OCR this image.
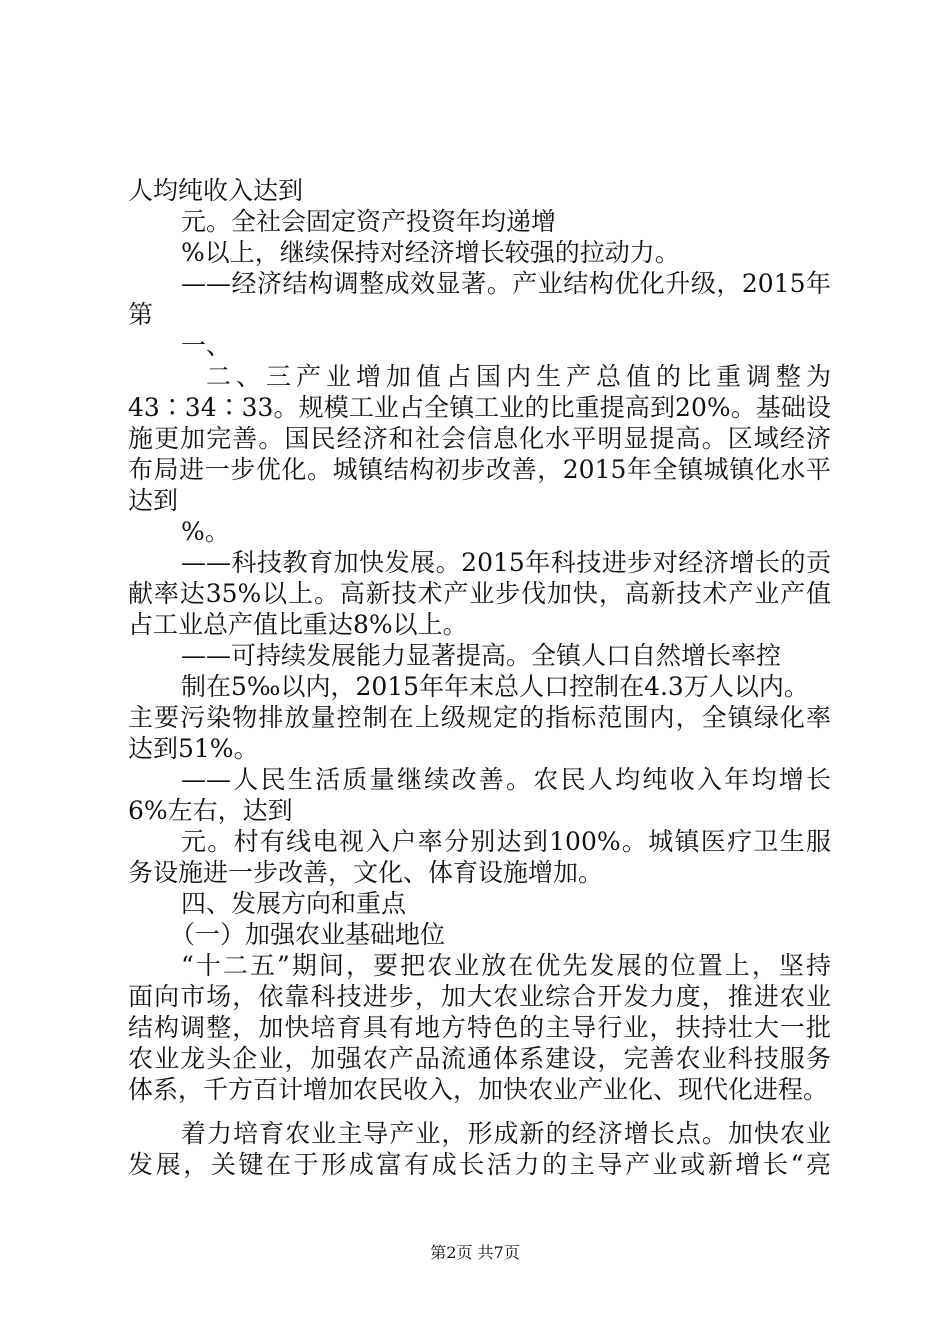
人均纯收入达到
元。全社会固定资产投资年均递增
%以上，继续保持对经济增长较强的拉动力。
——经济结构调整成效显著。产业结构优化升级，2015年
第
一、
二、三产业增加值占国内生产总值的比重调整为
43∶34∶33。规模工业占全镇工业的比重提高到20%。基础设
施更加完善。国民经济和社会信息化水平明显提高。区域经济
布局进一步优化。城镇结构初步改善，2015年全镇城镇化水平
达到
%。
——科技教育加快发展。2015年科技进步对经济增长的贡
献率达35%以上。高新技术产业步伐加快，高新技术产业产值
占工业总产值比重达8%以上。
——可持续发展能力显著提高。全镇人口自然增长率控
制在5‰以内，2015年年末总人口控制在4.3万人以内。
主要污染物排放量控制在上级规定的指标范围内，全镇绿化率
达到51%。
——人民生活质量继续改善。农民人均纯收入年均增长
6%左右，达到
元。村有线电视入户率分别达到100%。城镇医疗卫生服
务设施进一步改善，文化、体育设施增加。
四、发展方向和重点
（一）加强农业基础地位
“十二五”期间，要把农业放在优先发展的位置上，坚持
面向市场，依靠科技进步，加大农业综合开发力度，推进农业
结构调整，加快培育具有地方特色的主导行业，扶持壮大一批
农业龙头企业，加强农产品流通体系建设，完善农业科技服务
体系，千方百计增加农民收入，加快农业产业化、现代化进程。
着力培育农业主导产业，形成新的经济增长点。加快农业
发展，关键在于形成富有成长活力的主导产业或新增长“亮
第2页 共7页
